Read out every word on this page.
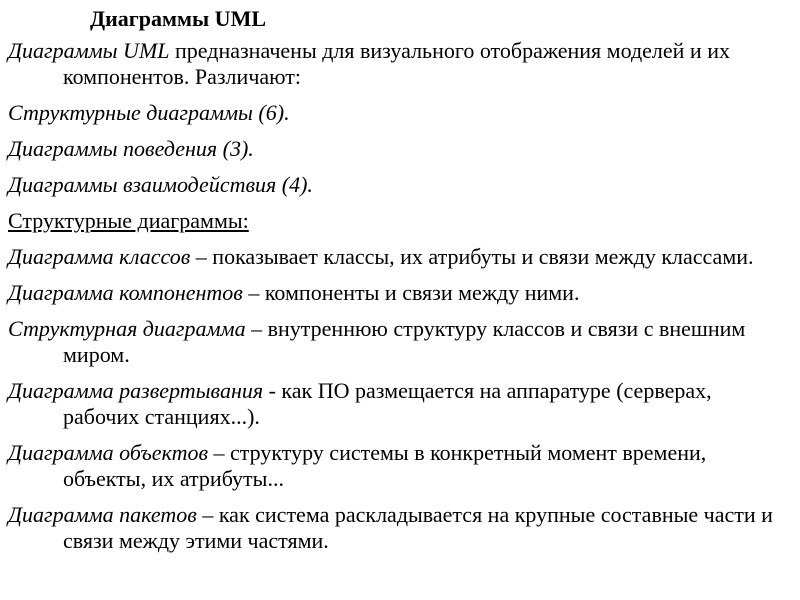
Диаграммы UML

Диаграммы UML предназначены для визуального отображения моделей и их компонентов. Различают:

Структурные диаграммы (6).

Диаграммы поведения (3).

Диаграммы взаимодействия (4).

Структурные диаграммы:

Диаграмма классов – показывает классы, их атрибуты и связи между классами.

Диаграмма компонентов – компоненты и связи между ними.

Структурная диаграмма – внутреннюю структуру классов и связи с внешним миром.

Диаграмма развертывания - как ПО размещается на аппаратуре (серверах, рабочих станциях...).

Диаграмма объектов – структуру системы в конкретный момент времени, объекты, их атрибуты...

Диаграмма пакетов – как система раскладывается на крупные составные части и связи между этими частями.
